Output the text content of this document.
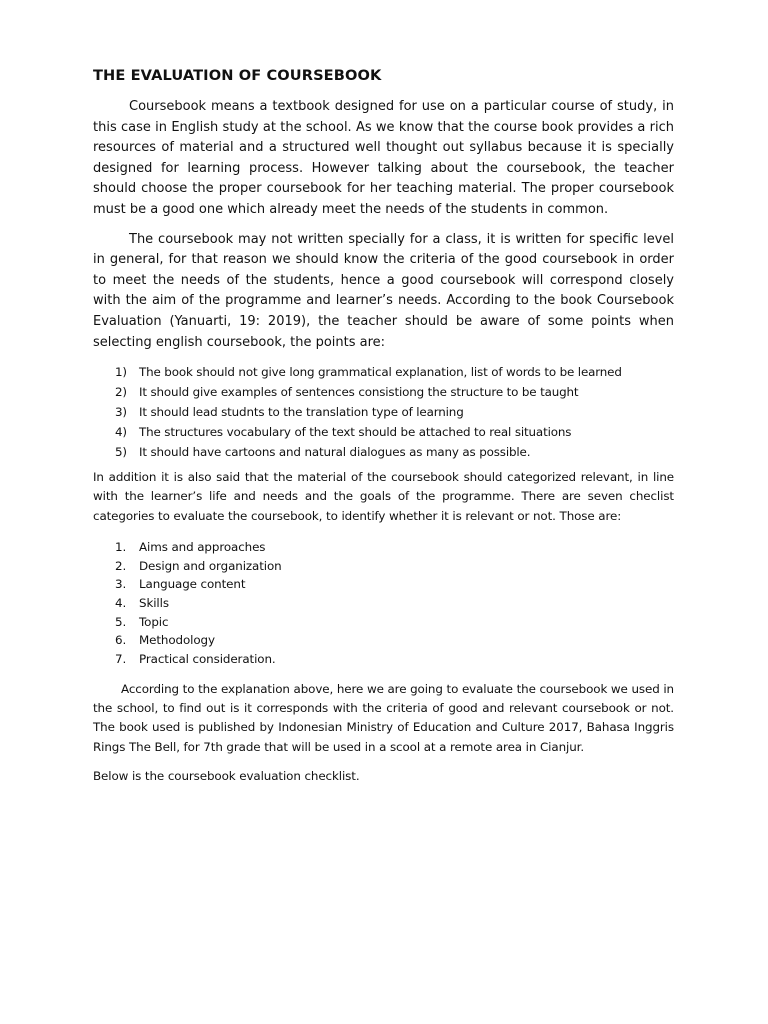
THE EVALUATION OF COURSEBOOK

Coursebook means a textbook designed for use on a particular course of study, in this case in English study at the school. As we know that the course book provides a rich resources of material and a structured well thought out syllabus because it is specially designed for learning process. However talking about the coursebook, the teacher should choose the proper coursebook for her teaching material. The proper coursebook must be a good one which already meet the needs of the students in common.

The coursebook may not written specially for a class, it is written for specific level in general, for that reason we should know the criteria of the good coursebook in order to meet the needs of the students, hence a good coursebook will correspond closely with the aim of the programme and learner’s needs. According to the book Coursebook Evaluation (Yanuarti, 19: 2019), the teacher should be aware of some points when selecting english coursebook, the points are:

1) The book should not give long grammatical explanation, list of words to be learned
2) It should give examples of sentences consistiong the structure to be taught
3) It should lead studnts to the translation type of learning
4) The structures vocabulary of the text should be attached to real situations
5) It should have cartoons and natural dialogues as many as possible.

In addition it is also said that the material of the coursebook should categorized relevant, in line with the learner’s life and needs and the goals of the programme. There are seven checlist categories to evaluate the coursebook, to identify whether it is relevant or not. Those are:

1. Aims and approaches
2. Design and organization
3. Language content
4. Skills
5. Topic
6. Methodology
7. Practical consideration.

According to the explanation above, here we are going to evaluate the coursebook we used in the school, to find out is it corresponds with the criteria of good and relevant coursebook or not. The book used is published by Indonesian Ministry of Education and Culture 2017, Bahasa Inggris Rings The Bell, for 7th grade that will be used in a scool at a remote area in Cianjur.

Below is the coursebook evaluation checklist.
